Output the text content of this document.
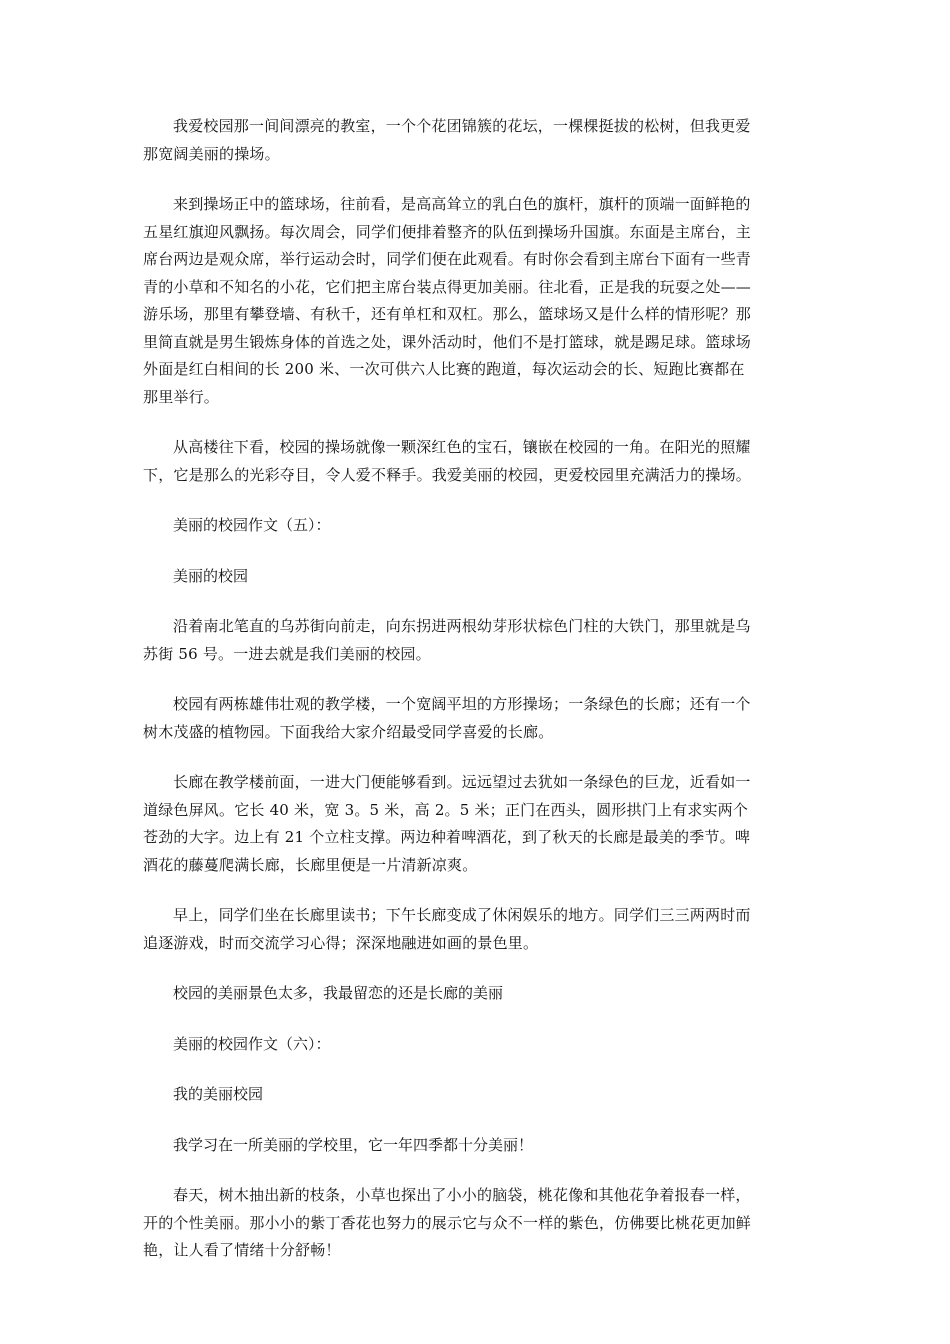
我爱校园那一间间漂亮的教室，一个个花团锦簇的花坛，一棵棵挺拔的松树，但我更爱
那宽阔美丽的操场。
来到操场正中的篮球场，往前看，是高高耸立的乳白色的旗杆，旗杆的顶端一面鲜艳的
五星红旗迎风飘扬。每次周会，同学们便排着整齐的队伍到操场升国旗。东面是主席台，主
席台两边是观众席，举行运动会时，同学们便在此观看。有时你会看到主席台下面有一些青
青的小草和不知名的小花，它们把主席台装点得更加美丽。往北看，正是我的玩耍之处——
游乐场，那里有攀登墙、有秋千，还有单杠和双杠。那么，篮球场又是什么样的情形呢？那
里简直就是男生锻炼身体的首选之处，课外活动时，他们不是打篮球，就是踢足球。篮球场
外面是红白相间的长 200 米、一次可供六人比赛的跑道，每次运动会的长、短跑比赛都在
那里举行。
从高楼往下看，校园的操场就像一颗深红色的宝石，镶嵌在校园的一角。在阳光的照耀
下，它是那么的光彩夺目，令人爱不释手。我爱美丽的校园，更爱校园里充满活力的操场。
美丽的校园作文（五）：
美丽的校园
沿着南北笔直的乌苏街向前走，向东拐进两根幼芽形状棕色门柱的大铁门，那里就是乌
苏街 56 号。一进去就是我们美丽的校园。
校园有两栋雄伟壮观的教学楼，一个宽阔平坦的方形操场；一条绿色的长廊；还有一个
树木茂盛的植物园。下面我给大家介绍最受同学喜爱的长廊。
长廊在教学楼前面，一进大门便能够看到。远远望过去犹如一条绿色的巨龙，近看如一
道绿色屏风。它长 40 米，宽 3。5 米，高 2。5 米；正门在西头，圆形拱门上有求实两个
苍劲的大字。边上有 21 个立柱支撑。两边种着啤酒花，到了秋天的长廊是最美的季节。啤
酒花的藤蔓爬满长廊，长廊里便是一片清新凉爽。
早上，同学们坐在长廊里读书；下午长廊变成了休闲娱乐的地方。同学们三三两两时而
追逐游戏，时而交流学习心得；深深地融进如画的景色里。
校园的美丽景色太多，我最留恋的还是长廊的美丽
美丽的校园作文（六）：
我的美丽校园
我学习在一所美丽的学校里，它一年四季都十分美丽！
春天，树木抽出新的枝条，小草也探出了小小的脑袋，桃花像和其他花争着报春一样，
开的个性美丽。那小小的紫丁香花也努力的展示它与众不一样的紫色，仿佛要比桃花更加鲜
艳，让人看了情绪十分舒畅！
